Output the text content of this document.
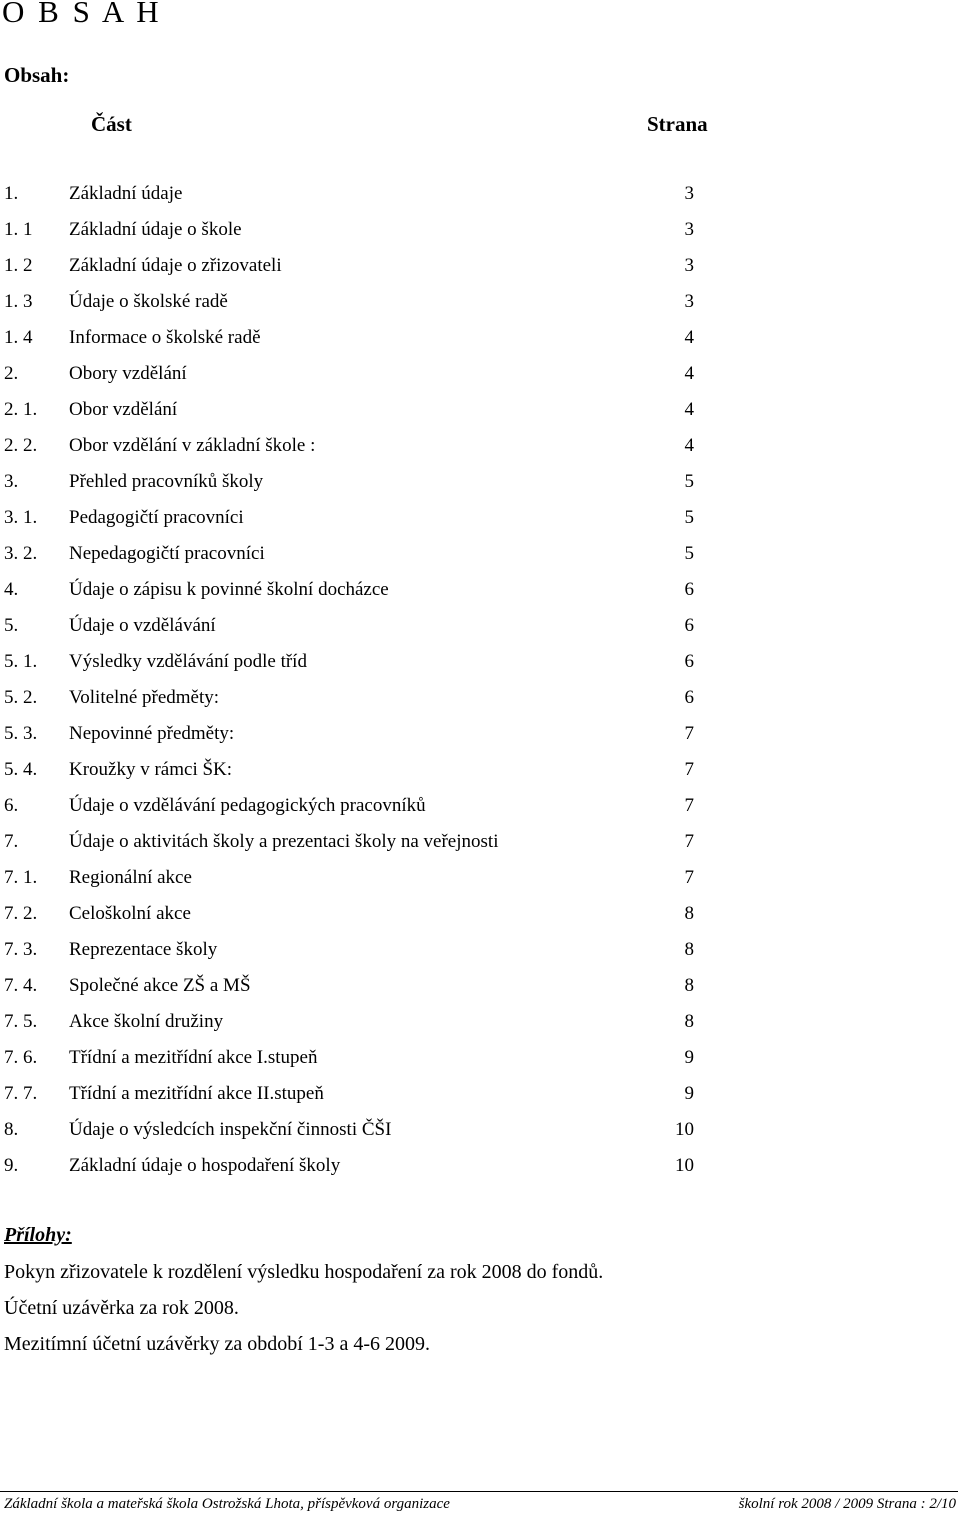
O B S A H
Obsah:
Část	Strana
1.	Základní údaje	3
1. 1 Základní údaje o škole	3
1. 2 Základní údaje o zřizovateli	3
1. 3 Údaje o školské radě	3
1. 4 Informace o školské radě	4
2.	Obory vzdělání	4
2. 1. Obor vzdělání	4
2. 2. Obor vzdělání v základní škole :	4
3.	Přehled pracovníků školy	5
3. 1. Pedagogičtí pracovníci	5
3. 2. Nepedagogičtí pracovníci	5
4.	Údaje o zápisu k povinné školní docházce	6
5.	Údaje o vzdělávání	6
5. 1. Výsledky vzdělávání podle tříd	6
5. 2. Volitelné předměty:	6
5. 3. Nepovinné předměty:	7
5. 4. Kroužky v rámci ŠK:	7
6.	Údaje o vzdělávání pedagogických pracovníků	7
7.	Údaje o aktivitách školy a prezentaci školy na veřejnosti	7
7. 1. Regionální akce	7
7. 2. Celoškolní akce	8
7. 3. Reprezentace školy	8
7. 4. Společné akce ZŠ a MŠ	8
7. 5. Akce školní družiny	8
7. 6. Třídní a mezitřídní akce I.stupeň	9
7. 7. Třídní a mezitřídní akce II.stupeň	9
8.	Údaje o výsledcích inspekční činnosti ČŠI	10
9.	Základní údaje o hospodaření školy	10
Přílohy:
Pokyn zřizovatele k rozdělení výsledku hospodaření za rok 2008 do fondů.
Účetní uzávěrka za rok 2008.
Mezitímní účetní uzávěrky za období 1-3 a 4-6 2009.
Základní škola a mateřská škola Ostrožská Lhota, příspěvková organizace	školní rok 2008 / 2009 Strana : 2/10
